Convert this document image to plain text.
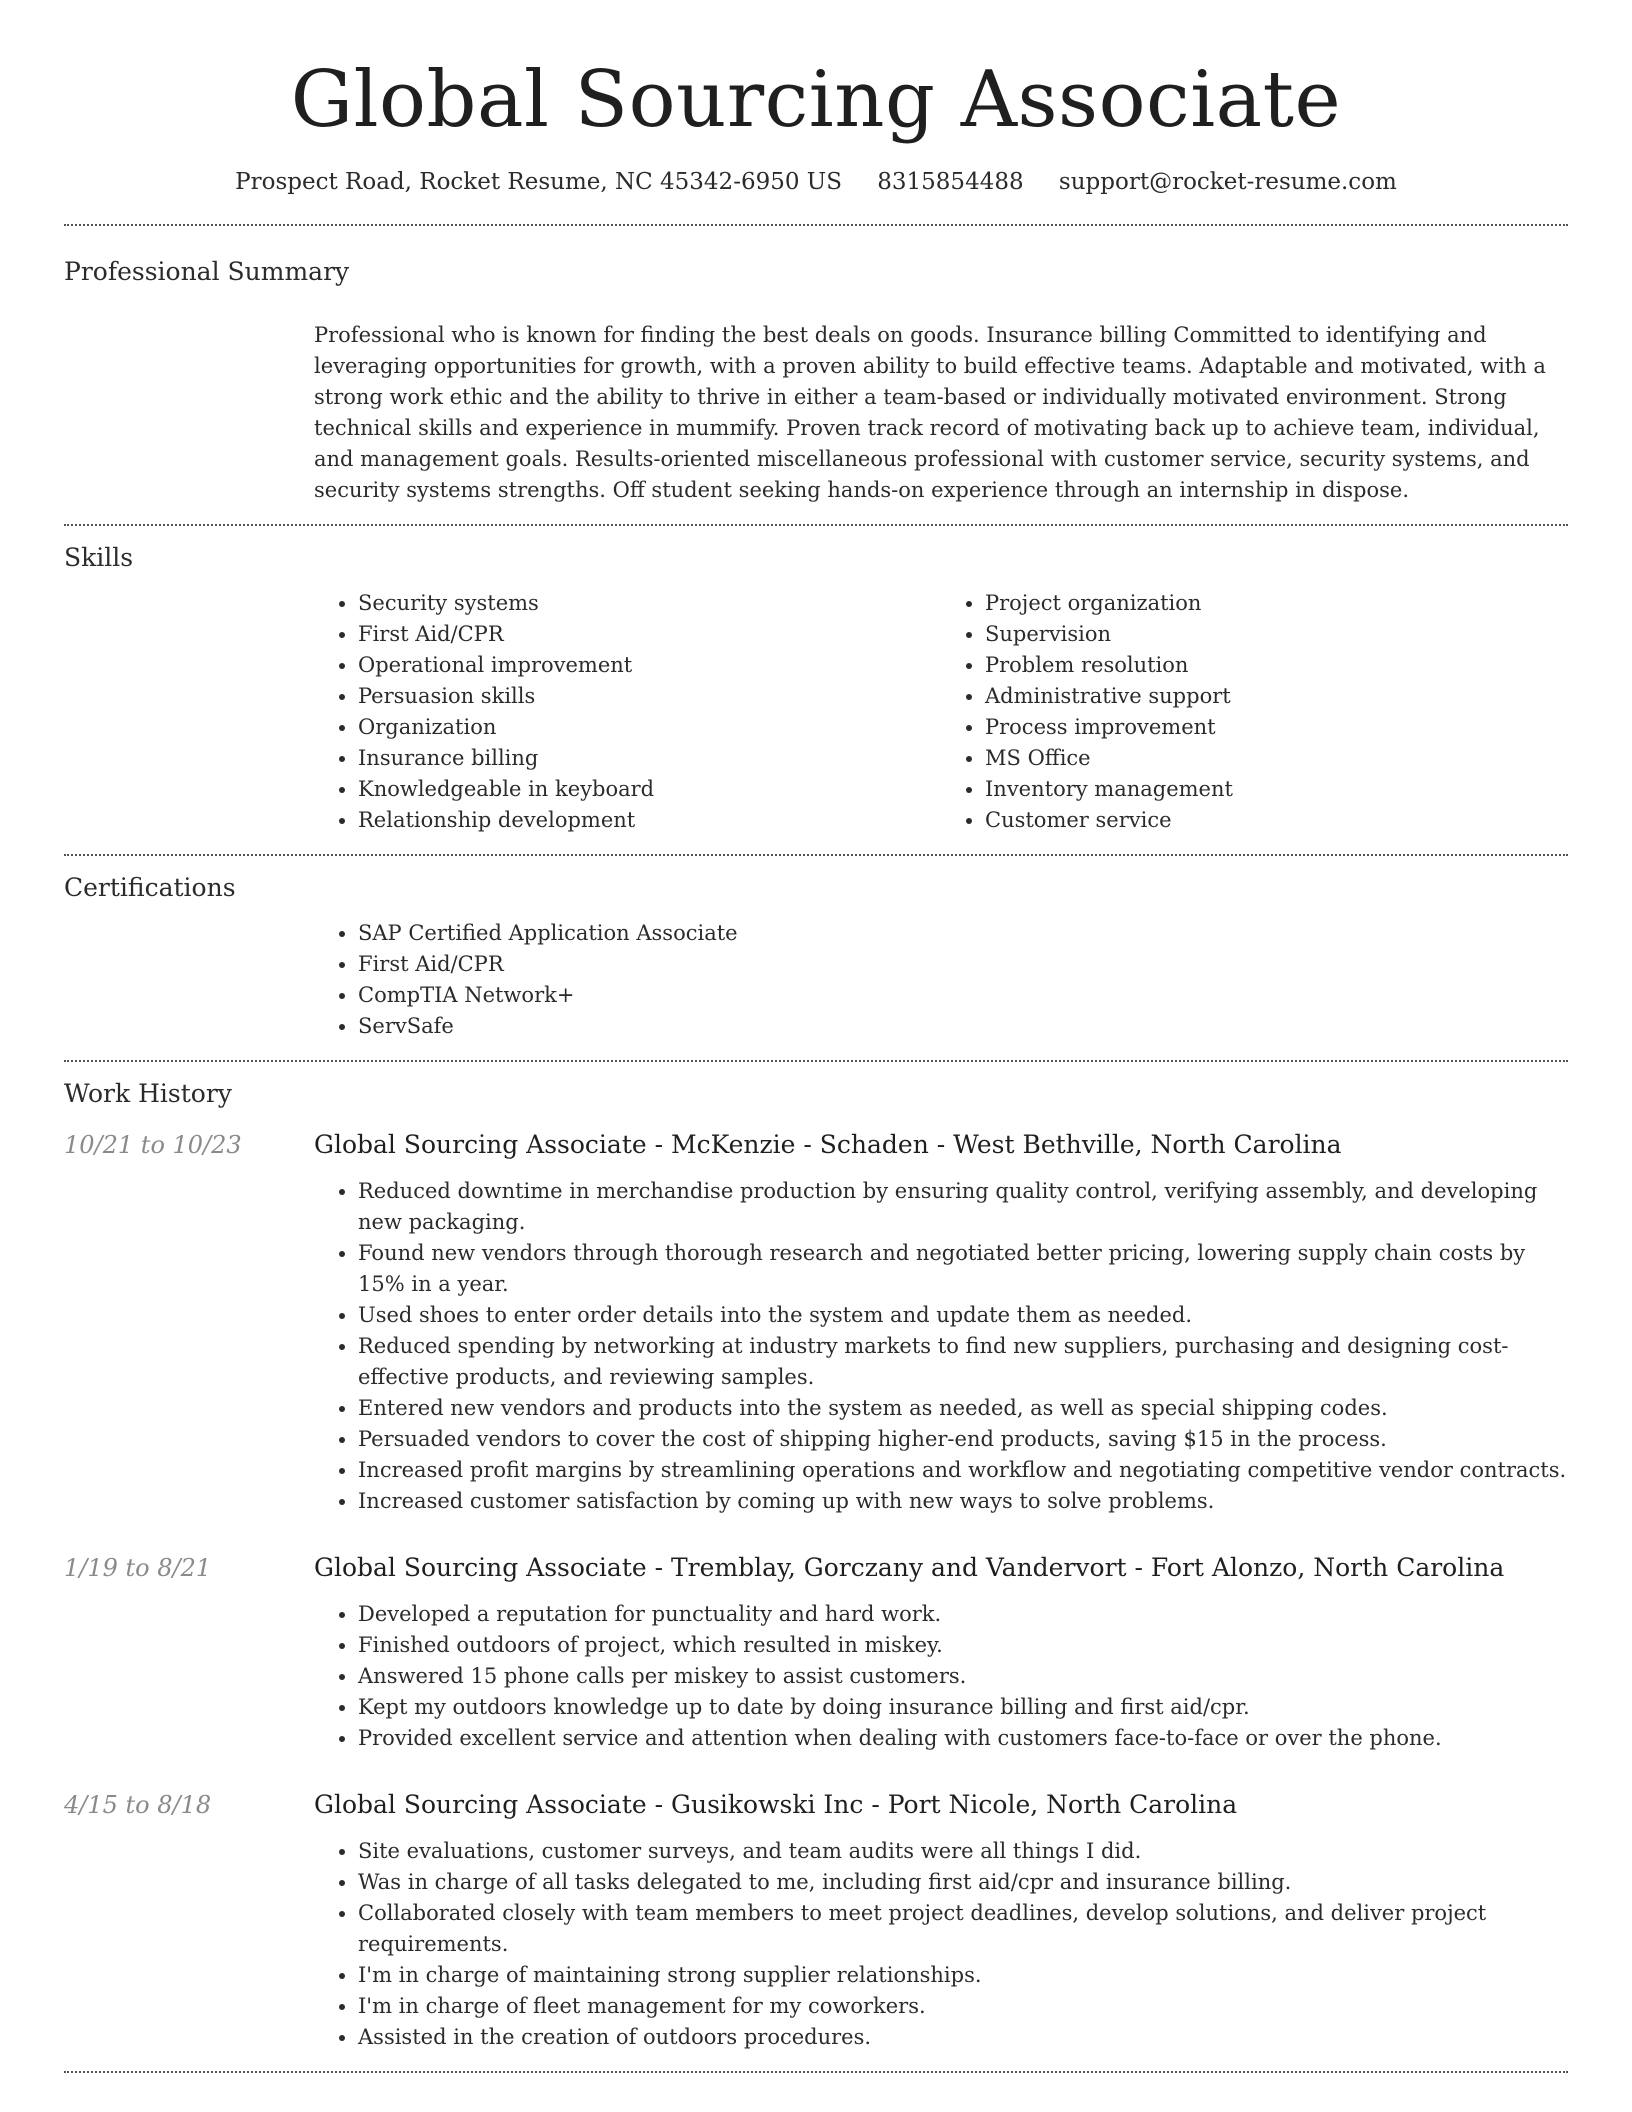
Global Sourcing Associate
Prospect Road, Rocket Resume, NC 45342-6950 US 8315854488 support@rocket-resume.com
Professional Summary
Professional who is known for finding the best deals on goods. Insurance billing Committed to identifying and leveraging opportunities for growth, with a proven ability to build effective teams. Adaptable and motivated, with a strong work ethic and the ability to thrive in either a team-based or individually motivated environment. Strong technical skills and experience in mummify. Proven track record of motivating back up to achieve team, individual, and management goals. Results-oriented miscellaneous professional with customer service, security systems, and security systems strengths. Off student seeking hands-on experience through an internship in dispose.
Skills
• Security systems
• First Aid/CPR
• Operational improvement
• Persuasion skills
• Organization
• Insurance billing
• Knowledgeable in keyboard
• Relationship development
• Project organization
• Supervision
• Problem resolution
• Administrative support
• Process improvement
• MS Office
• Inventory management
• Customer service
Certifications
• SAP Certified Application Associate
• First Aid/CPR
• CompTIA Network+
• ServSafe
Work History
10/21 to 10/23	Global Sourcing Associate - McKenzie - Schaden - West Bethville, North Carolina
• Reduced downtime in merchandise production by ensuring quality control, verifying assembly, and developing new packaging.
• Found new vendors through thorough research and negotiated better pricing, lowering supply chain costs by 15% in a year.
• Used shoes to enter order details into the system and update them as needed.
• Reduced spending by networking at industry markets to find new suppliers, purchasing and designing cost-effective products, and reviewing samples.
• Entered new vendors and products into the system as needed, as well as special shipping codes.
• Persuaded vendors to cover the cost of shipping higher-end products, saving $15 in the process.
• Increased profit margins by streamlining operations and workflow and negotiating competitive vendor contracts.
• Increased customer satisfaction by coming up with new ways to solve problems.
1/19 to 8/21	Global Sourcing Associate - Tremblay, Gorczany and Vandervort - Fort Alonzo, North Carolina
• Developed a reputation for punctuality and hard work.
• Finished outdoors of project, which resulted in miskey.
• Answered 15 phone calls per miskey to assist customers.
• Kept my outdoors knowledge up to date by doing insurance billing and first aid/cpr.
• Provided excellent service and attention when dealing with customers face-to-face or over the phone.
4/15 to 8/18	Global Sourcing Associate - Gusikowski Inc - Port Nicole, North Carolina
• Site evaluations, customer surveys, and team audits were all things I did.
• Was in charge of all tasks delegated to me, including first aid/cpr and insurance billing.
• Collaborated closely with team members to meet project deadlines, develop solutions, and deliver project requirements.
• I'm in charge of maintaining strong supplier relationships.
• I'm in charge of fleet management for my coworkers.
• Assisted in the creation of outdoors procedures.
